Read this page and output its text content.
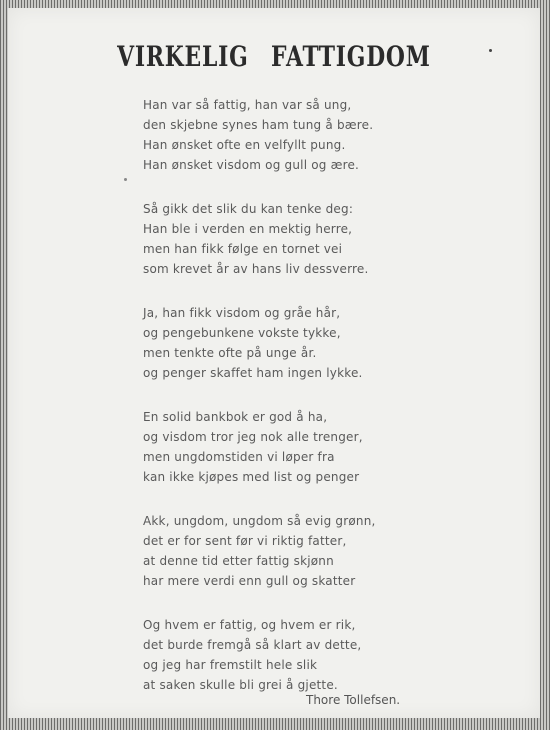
VIRKELIG FATTIGDOM
Han var så fattig, han var så ung,
den skjebne synes ham tung å bære.
Han ønsket ofte en velfyllt pung.
Han ønsket visdom og gull og ære.
Så gikk det slik du kan tenke deg:
Han ble i verden en mektig herre,
men han fikk følge en tornet vei
som krevet år av hans liv dessverre.
Ja, han fikk visdom og gråe hår,
og pengebunkene vokste tykke,
men tenkte ofte på unge år.
og penger skaffet ham ingen lykke.
En solid bankbok er god å ha,
og visdom tror jeg nok alle trenger,
men ungdomstiden vi løper fra
kan ikke kjøpes med list og penger
Akk, ungdom, ungdom så evig grønn,
det er for sent før vi riktig fatter,
at denne tid etter fattig skjønn
har mere verdi enn gull og skatter
Og hvem er fattig, og hvem er rik,
det burde fremgå så klart av dette,
og jeg har fremstilt hele slik
at saken skulle bli grei å gjette.
Thore Tollefsen.
